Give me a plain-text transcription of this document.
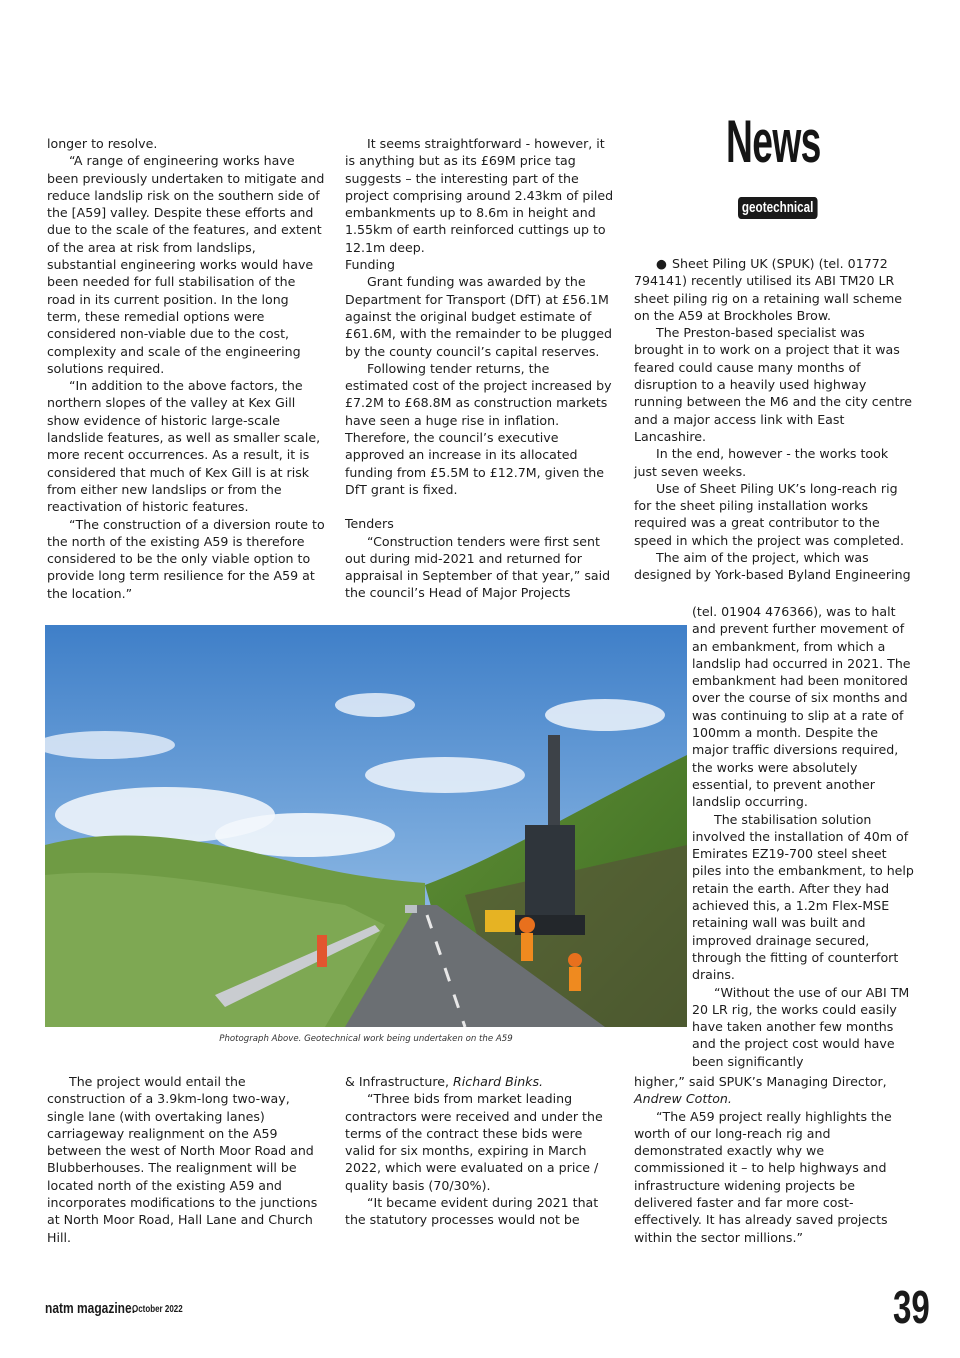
News
geotechnical

longer to resolve.

“A range of engineering works have been previously undertaken to mitigate and reduce landslip risk on the southern side of the [A59] valley. Despite these efforts and due to the scale of the features, and extent of the area at risk from landslips, substantial engineering works would have been needed for full stabilisation of the road in its current position. In the long term, these remedial options were considered non-viable due to the cost, complexity and scale of the engineering solutions required.

“In addition to the above factors, the northern slopes of the valley at Kex Gill show evidence of historic large-scale landslide features, as well as smaller scale, more recent occurrences. As a result, it is considered that much of Kex Gill is at risk from either new landslips or from the reactivation of historic features.

“The construction of a diversion route to the north of the existing A59 is therefore considered to be the only viable option to provide long term resilience for the A59 at the location.”

It seems straightforward - however, it is anything but as its £69M price tag suggests – the interesting part of the project comprising around 2.43km of piled embankments up to 8.6m in height and 1.55km of earth reinforced cuttings up to 12.1m deep.

Funding

Grant funding was awarded by the Department for Transport (DfT) at £56.1M against the original budget estimate of £61.6M, with the remainder to be plugged by the county council’s capital reserves.

Following tender returns, the estimated cost of the project increased by £7.2M to £68.8M as construction markets have seen a huge rise in inflation. Therefore, the council’s executive approved an increase in its allocated funding from £5.5M to £12.7M, given the DfT grant is fixed.

Tenders

“Construction tenders were first sent out during mid-2021 and returned for appraisal in September of that year,” said the council’s Head of Major Projects

● Sheet Piling UK (SPUK) (tel. 01772 794141) recently utilised its ABI TM20 LR sheet piling rig on a retaining wall scheme on the A59 at Brockholes Brow.

The Preston-based specialist was brought in to work on a project that it was feared could cause many months of disruption to a heavily used highway running between the M6 and the city centre and a major access link with East Lancashire.

In the end, however - the works took just seven weeks.

Use of Sheet Piling UK’s long-reach rig for the sheet piling installation works required was a great contributor to the speed in which the project was completed.

The aim of the project, which was designed by York-based Byland Engineering

(tel. 01904 476366), was to halt and prevent further movement of an embankment, from which a landslip had occurred in 2021. The embankment had been monitored over the course of six months and was continuing to slip at a rate of 100mm a month. Despite the major traffic diversions required, the works were absolutely essential, to prevent another landslip occurring.

The stabilisation solution involved the installation of 40m of Emirates EZ19-700 steel sheet piles into the embankment, to help retain the earth. After they had achieved this, a 1.2m Flex-MSE retaining wall was built and improved drainage secured, through the fitting of counterfort drains.

“Without the use of our ABI TM 20 LR rig, the works could easily have taken another few months and the project cost would have been significantly

higher,” said SPUK’s Managing Director,

Andrew Cotton.

“The A59 project really highlights the worth of our long-reach rig and demonstrated exactly why we commissioned it – to help highways and infrastructure widening projects be delivered faster and far more cost-effectively. It has already saved projects within the sector millions.”

Photograph Above. Geotechnical work being undertaken on the A59

The project would entail the construction of a 3.9km-long two-way, single lane (with overtaking lanes) carriageway realignment on the A59 between the west of North Moor Road and Blubberhouses. The realignment will be located north of the existing A59 and incorporates modifications to the junctions at North Moor Road, Hall Lane and Church Hill.

& Infrastructure, Richard Binks.

“Three bids from market leading contractors were received and under the terms of the contract these bids were valid for six months, expiring in March 2022, which were evaluated on a price / quality basis (70/30%).

“It became evident during 2021 that the statutory processes would not be

natm magazine.
October 2022	39
